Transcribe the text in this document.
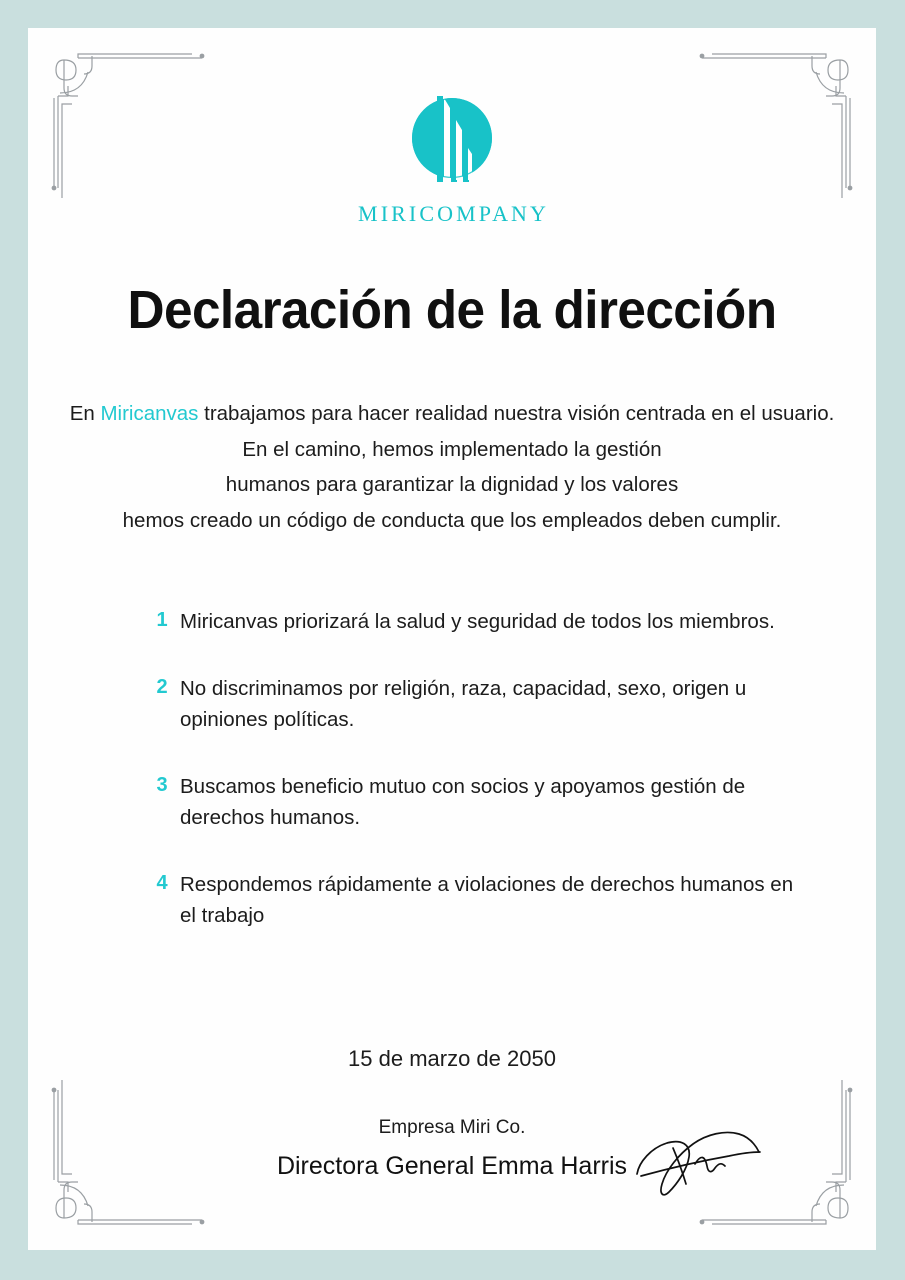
MIRICOMPANY
Declaración de la dirección
En Miricanvas trabajamos para hacer realidad nuestra visión centrada en el usuario.
En el camino, hemos implementado la gestión
humanos para garantizar la dignidad y los valores
hemos creado un código de conducta que los empleados deben cumplir.
1 Miricanvas priorizará la salud y seguridad de todos los miembros.
2 No discriminamos por religión, raza, capacidad, sexo, origen u opiniones políticas.
3 Buscamos beneficio mutuo con socios y apoyamos gestión de derechos humanos.
4 Respondemos rápidamente a violaciones de derechos humanos en el trabajo
15 de marzo de 2050
Empresa Miri Co.
Directora General Emma Harris
